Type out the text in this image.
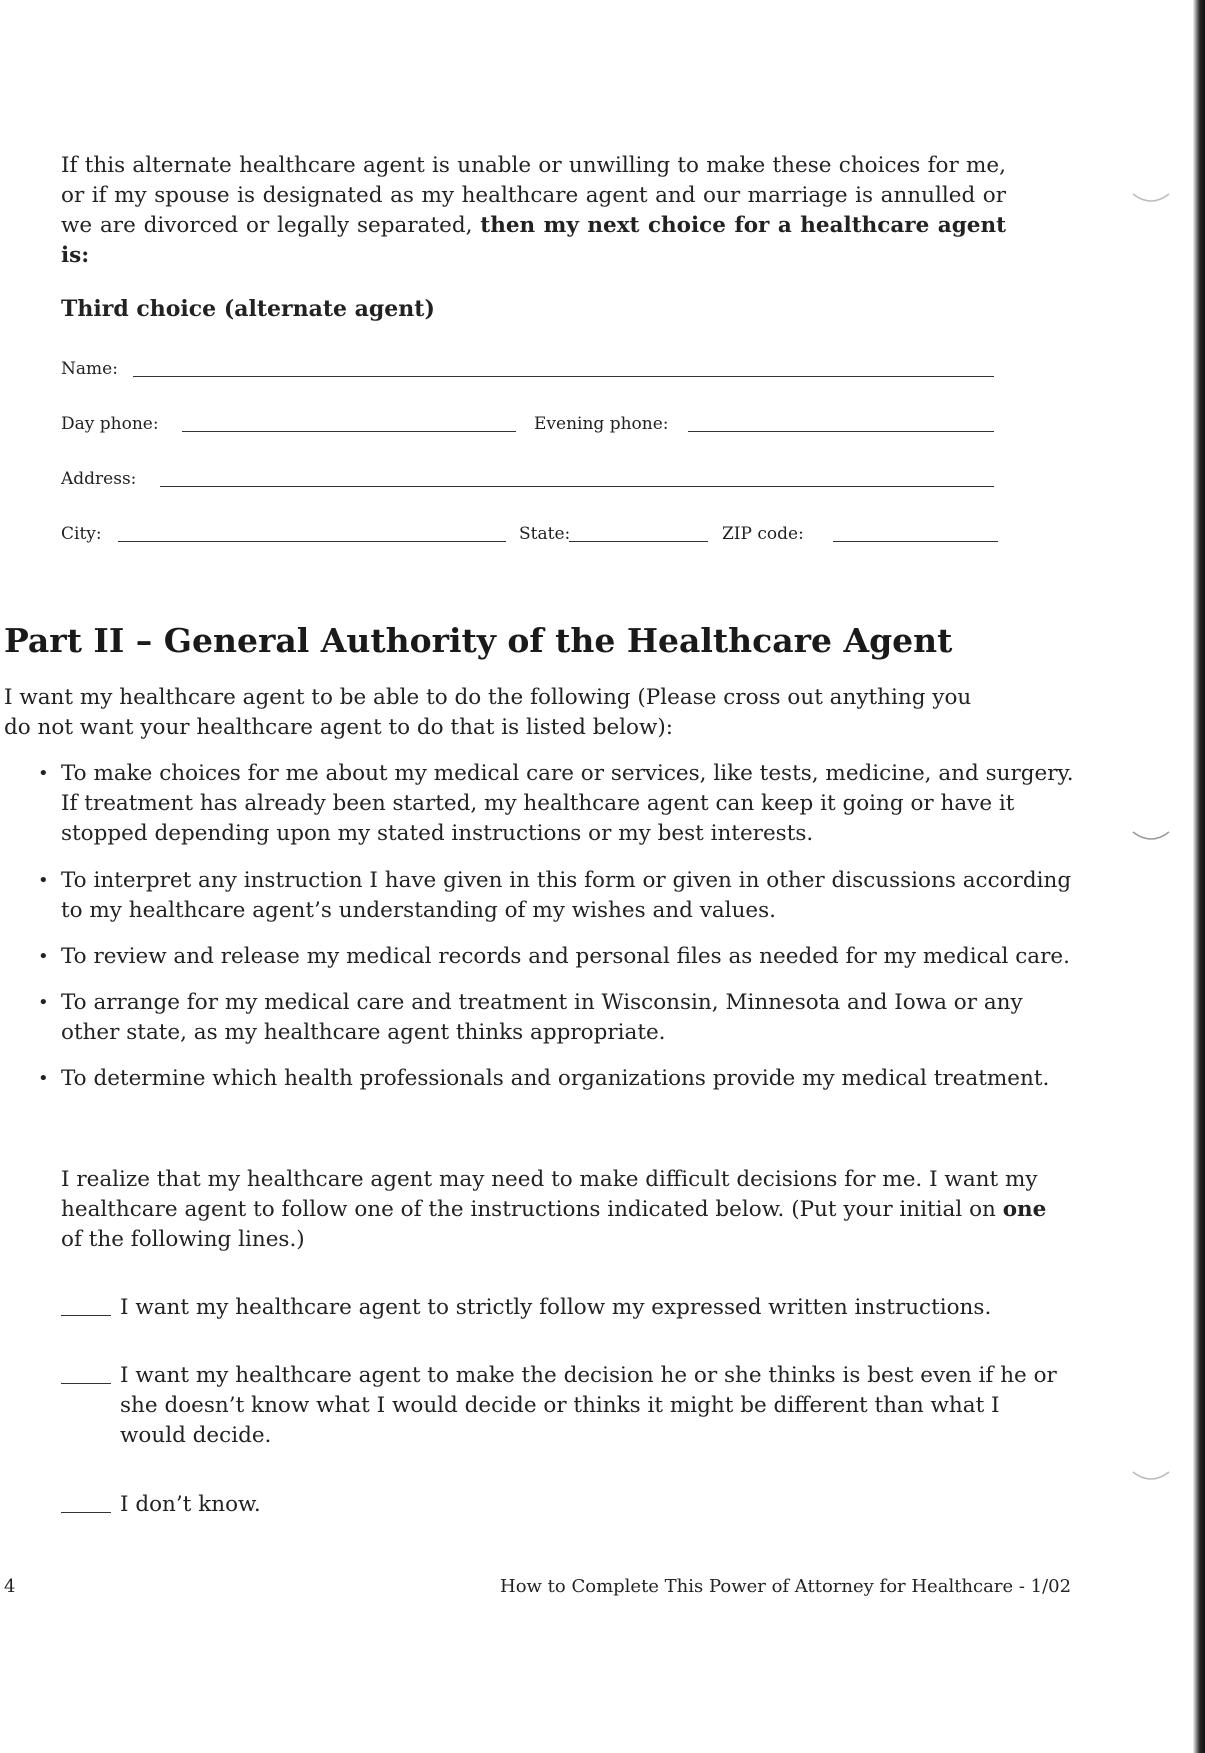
If this alternate healthcare agent is unable or unwilling to make these choices for me, or if my spouse is designated as my healthcare agent and our marriage is annulled or we are divorced or legally separated, then my next choice for a healthcare agent is:

Third choice (alternate agent)
Name:
Day phone:	Evening phone:
Address:
City:	State:	ZIP code:
Part II – General Authority of the Healthcare Agent

I want my healthcare agent to be able to do the following (Please cross out anything you do not want your healthcare agent to do that is listed below):

• To make choices for me about my medical care or services, like tests, medicine, and surgery.
If treatment has already been started, my healthcare agent can keep it going or have it stopped depending upon my stated instructions or my best interests.
• To interpret any instruction I have given in this form or given in other discussions according to my healthcare agent’s understanding of my wishes and values.
• To review and release my medical records and personal files as needed for my medical care.
• To arrange for my medical care and treatment in Wisconsin, Minnesota and Iowa or any other state, as my healthcare agent thinks appropriate.
• To determine which health professionals and organizations provide my medical treatment.

I realize that my healthcare agent may need to make difficult decisions for me. I want my healthcare agent to follow one of the instructions indicated below. (Put your initial on one of the following lines.)

I want my healthcare agent to strictly follow my expressed written instructions.
I want my healthcare agent to make the decision he or she thinks is best even if he or she doesn’t know what I would decide or thinks it might be different than what I would decide.
I don’t know.
4	How to Complete This Power of Attorney for Healthcare - 1/02
